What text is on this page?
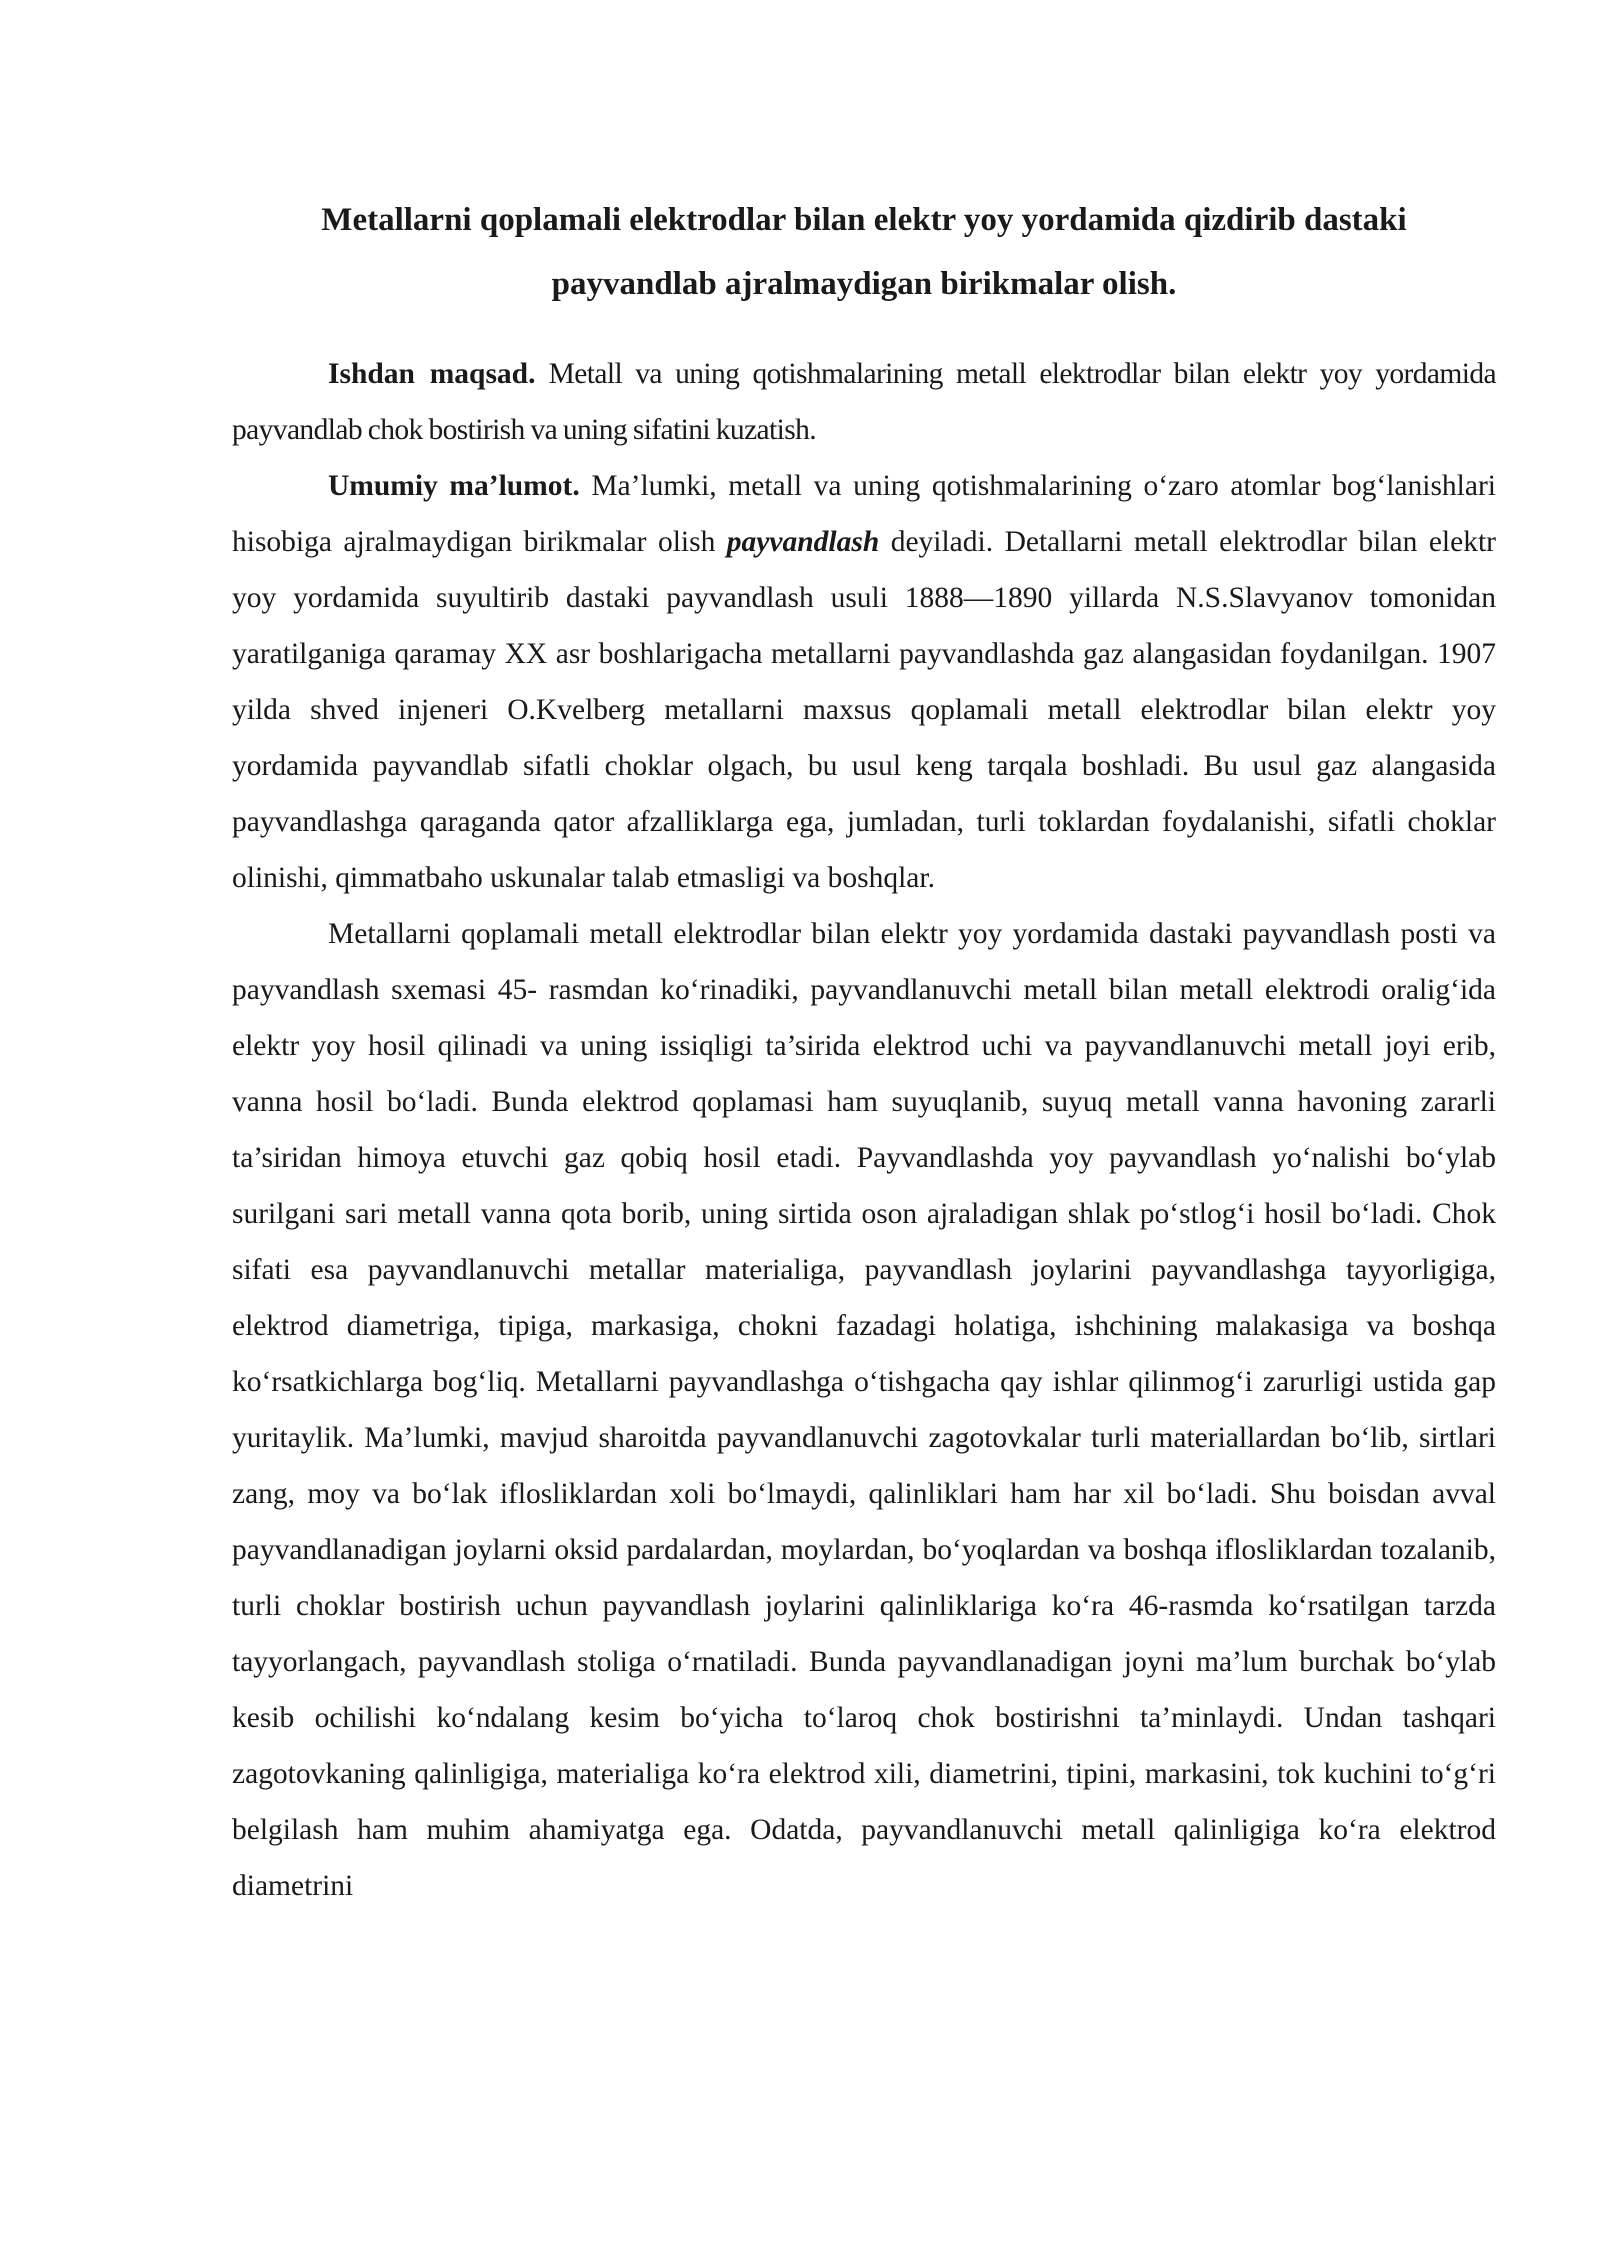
Metallarni qoplamali elektrodlar bilan elektr yoy yordamida qizdirib dastaki payvandlab ajralmaydigan birikmalar olish.

Ishdan maqsad. Metall va uning qotishmalarining metall elektrodlar bilan elektr yoy yordamida payvandlab chok bostirish va uning sifatini kuzatish.

Umumiy ma’lumot. Ma’lumki, metall va uning qotishmalarining o‘zaro atomlar bog‘lanishlari hisobiga ajralmaydigan birikmalar olish payvandlash deyiladi. Detallarni metall elektrodlar bilan elektr yoy yordamida suyultirib dastaki payvandlash usuli 1888—1890 yillarda N.S.Slavyanov tomonidan yaratilganiga qaramay XX asr boshlarigacha metallarni payvandlashda gaz alangasidan foydanilgan. 1907 yilda shved injeneri O.Kvelberg metallarni maxsus qoplamali metall elektrodlar bilan elektr yoy yordamida payvandlab sifatli choklar olgach, bu usul keng tarqala boshladi. Bu usul gaz alangasida payvandlashga qaraganda qator afzalliklarga ega, jumladan, turli toklardan foydalanishi, sifatli choklar olinishi, qimmatbaho uskunalar talab etmasligi va boshqlar.

Metallarni qoplamali metall elektrodlar bilan elektr yoy yordamida dastaki payvandlash posti va payvandlash sxemasi 45- rasmdan ko‘rinadiki, payvandlanuvchi metall bilan metall elektrodi oralig‘ida elektr yoy hosil qilinadi va uning issiqligi ta’sirida elektrod uchi va payvandlanuvchi metall joyi erib, vanna hosil bo‘ladi. Bunda elektrod qoplamasi ham suyuqlanib, suyuq metall vanna havoning zararli ta’siridan himoya etuvchi gaz qobiq hosil etadi. Payvandlashda yoy payvandlash yo‘nalishi bo‘ylab surilgani sari metall vanna qota borib, uning sirtida oson ajraladigan shlak po‘stlog‘i hosil bo‘ladi. Chok sifati esa payvandlanuvchi metallar materialiga, payvandlash joylarini payvandlashga tayyorligiga, elektrod diametriga, tipiga, markasiga, chokni fazadagi holatiga, ishchining malakasiga va boshqa ko‘rsatkichlarga bog‘liq. Metallarni payvandlashga o‘tishgacha qay ishlar qilinmog‘i zarurligi ustida gap yuritaylik. Ma’lumki, mavjud sharoitda payvandlanuvchi zagotovkalar turli materiallardan bo‘lib, sirtlari zang, moy va bo‘lak iflosliklardan xoli bo‘lmaydi, qalinliklari ham har xil bo‘ladi. Shu boisdan avval payvandlanadigan joylarni oksid pardalardan, moylardan, bo‘yoqlardan va boshqa iflosliklardan tozalanib, turli choklar bostirish uchun payvandlash joylarini qalinliklariga ko‘ra 46-rasmda ko‘rsatilgan tarzda tayyorlangach, payvandlash stoliga o‘rnatiladi. Bunda payvandlanadigan joyni ma’lum burchak bo‘ylab kesib ochilishi ko‘ndalang kesim bo‘yicha to‘laroq chok bostirishni ta’minlaydi. Undan tashqari zagotovkaning qalinligiga, materialiga ko‘ra elektrod xili, diametrini, tipini, markasini, tok kuchini to‘g‘ri belgilash ham muhim ahamiyatga ega. Odatda, payvandlanuvchi metall qalinligiga ko‘ra elektrod diametrini
